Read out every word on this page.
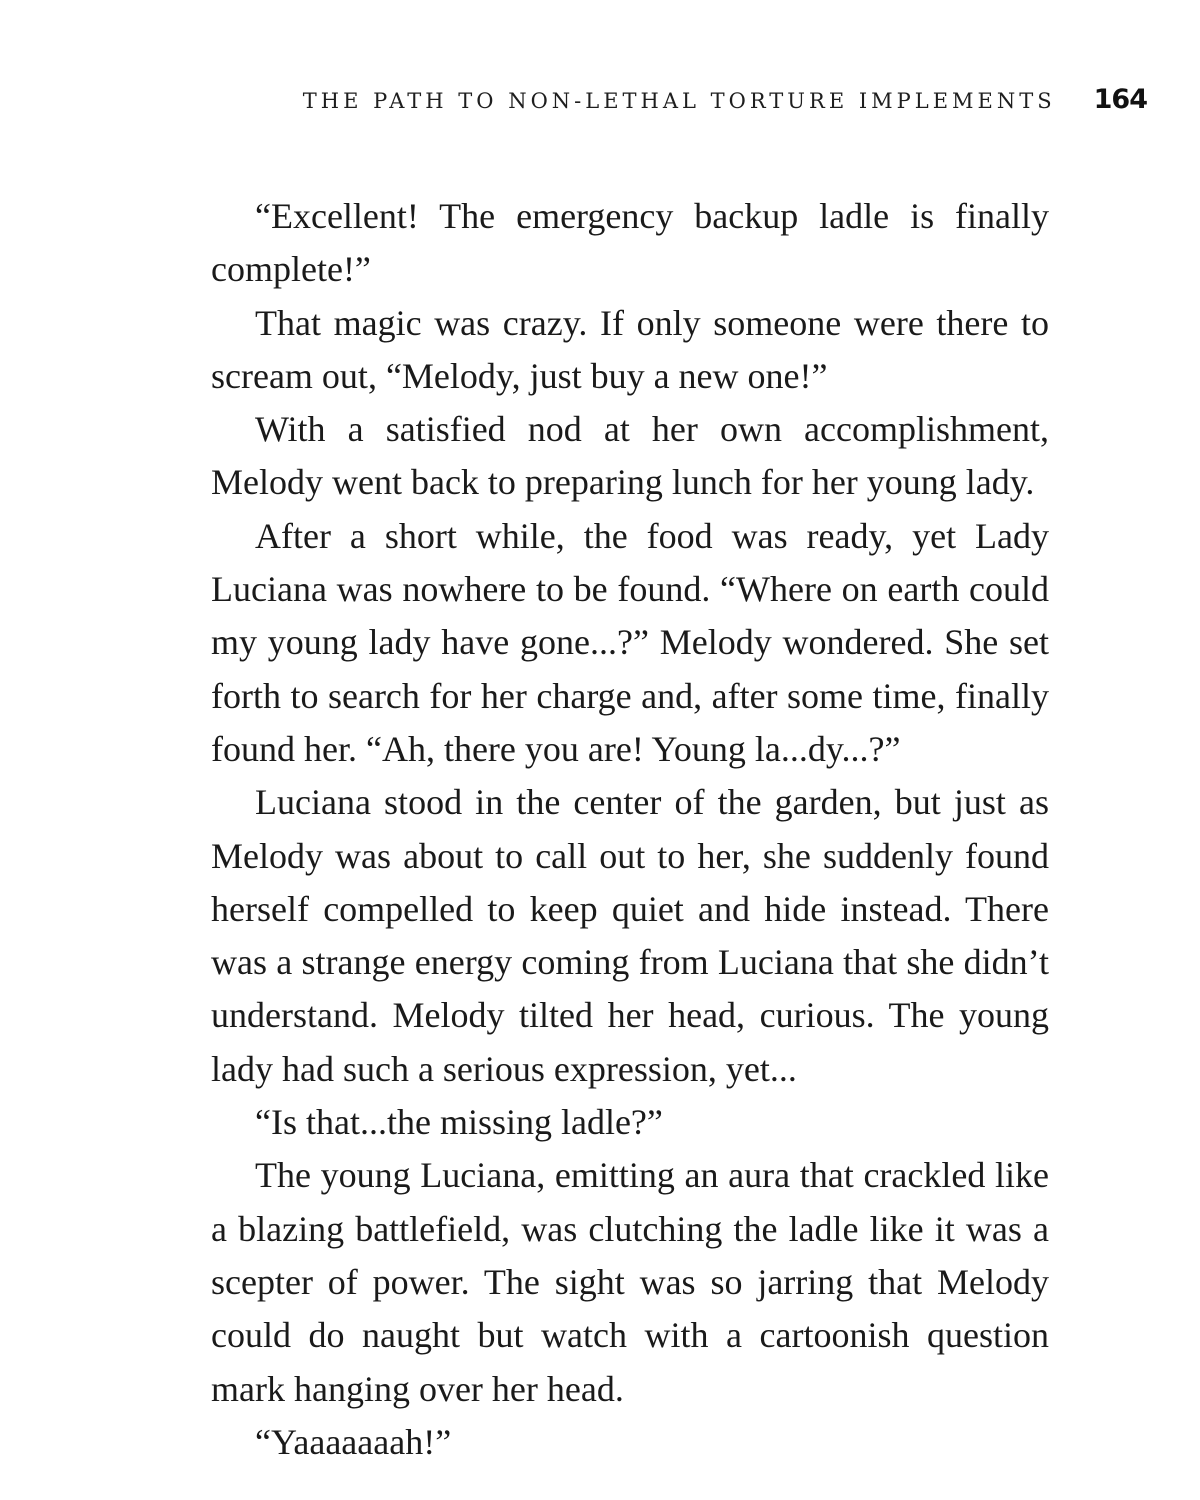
THE PATH TO NON-LETHAL TORTURE IMPLEMENTS 164

“Excellent! The emergency backup ladle is finally complete!”

That magic was crazy. If only someone were there to scream out, “Melody, just buy a new one!”

With a satisfied nod at her own accomplishment, Melody went back to preparing lunch for her young lady.

After a short while, the food was ready, yet Lady Luciana was nowhere to be found. “Where on earth could my young lady have gone...?” Melody wondered. She set forth to search for her charge and, after some time, finally found her. “Ah, there you are! Young la...dy...?”

Luciana stood in the center of the garden, but just as Melody was about to call out to her, she suddenly found herself compelled to keep quiet and hide instead. There was a strange energy coming from Luciana that she didn’t understand. Melody tilted her head, curious. The young lady had such a serious expression, yet...

“Is that...the missing ladle?”

The young Luciana, emitting an aura that crackled like a blazing battlefield, was clutching the ladle like it was a scepter of power. The sight was so jarring that Melody could do naught but watch with a cartoonish question mark hanging over her head.

“Yaaaaaaah!”
